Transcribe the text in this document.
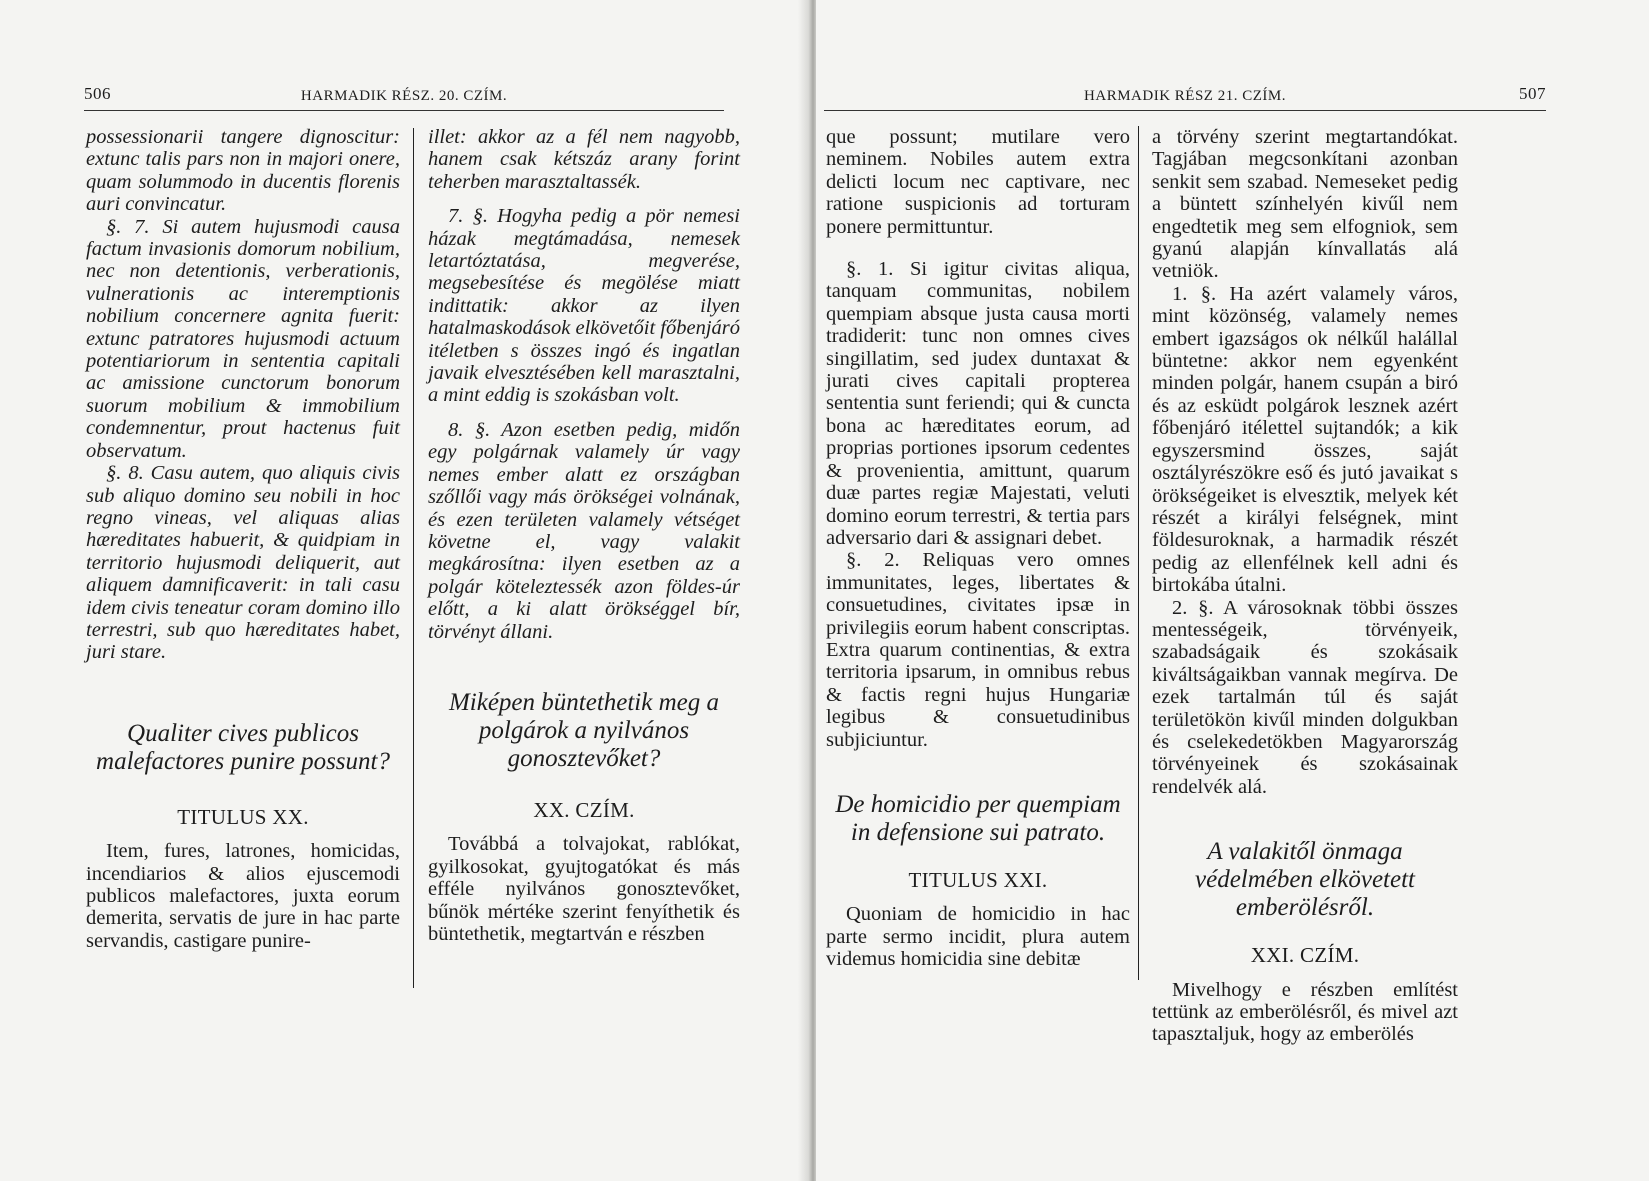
506	HARMADIK RÉSZ. 20. CZÍM.

possessionarii tangere dignoscitur: extunc talis pars non in majori onere, quam solummodo in ducentis florenis auri convincatur.

§. 7. Si autem hujusmodi causa factum invasionis domorum nobilium, nec non detentionis, verberationis, vulnerationis ac interemptionis nobilium concernere agnita fuerit: extunc patratores hujusmodi actuum potentiariorum in sententia capitali ac amissione cunctorum bonorum suorum mobilium & immobilium condemnentur, prout hactenus fuit observatum.

§. 8. Casu autem, quo aliquis civis sub aliquo domino seu nobili in hoc regno vineas, vel aliquas alias hæreditates habuerit, & quidpiam in territorio hujusmodi deliquerit, aut aliquem damnificaverit: in tali casu idem civis teneatur coram domino illo terrestri, sub quo hæreditates habet, juri stare.

Qualiter cives publicos malefactores punire possunt?
TITULUS XX.

Item, fures, latrones, homicidas, incendiarios & alios ejuscemodi publicos malefactores, juxta eorum demerita, servatis de jure in hac parte servandis, castigare punire-

illet: akkor az a fél nem nagyobb, hanem csak kétszáz arany forint teherben marasztaltassék.

7. §. Hogyha pedig a pör nemesi házak megtámadása, nemesek letartóztatása, megverése, megsebesítése és megölése miatt indittatik: akkor az ilyen hatalmaskodások elkövetőit főbenjáró itéletben s összes ingó és ingatlan javaik elvesztésében kell marasztalni, a mint eddig is szokásban volt.

8. §. Azon esetben pedig, midőn egy polgárnak valamely úr vagy nemes ember alatt ez országban szőllői vagy más örökségei volnának, és ezen területen valamely vétséget követne el, vagy valakit megkárosítna: ilyen esetben az a polgár köteleztessék azon földes-úr előtt, a ki alatt örökséggel bír, törvényt állani.

Miképen büntethetik meg a polgárok a nyilvános gonosztevőket?
XX. CZÍM.

Továbbá a tolvajokat, rablókat, gyilkosokat, gyujtogatókat és más efféle nyilvános gonosztevőket, bűnök mértéke szerint fenyíthetik és büntethetik, megtartván e részben

HARMADIK RÉSZ 21. CZÍM.	507

que possunt; mutilare vero neminem. Nobiles autem extra delicti locum nec captivare, nec ratione suspicionis ad torturam ponere permittuntur.

§. 1. Si igitur civitas aliqua, tanquam communitas, nobilem quempiam absque justa causa morti tradiderit: tunc non omnes cives singillatim, sed judex duntaxat & jurati cives capitali propterea sententia sunt feriendi; qui & cuncta bona ac hæreditates eorum, ad proprias portiones ipsorum cedentes & provenientia, amittunt, quarum duæ partes regiæ Majestati, veluti domino eorum terrestri, & tertia pars adversario dari & assignari debet.

§. 2. Reliquas vero omnes immunitates, leges, libertates & consuetudines, civitates ipsæ in privilegiis eorum habent conscriptas. Extra quarum continentias, & extra territoria ipsarum, in omnibus rebus & factis regni hujus Hungariæ legibus & consuetudinibus subjiciuntur.

De homicidio per quempiam in defensione sui patrato.
TITULUS XXI.

Quoniam de homicidio in hac parte sermo incidit, plura autem videmus homicidia sine debitæ

a törvény szerint megtartandókat. Tagjában megcsonkítani azonban senkit sem szabad. Nemeseket pedig a büntett színhelyén kivűl nem engedtetik meg sem elfogniok, sem gyanú alapján kínvallatás alá vetniök.

1. §. Ha azért valamely város, mint közönség, valamely nemes embert igazságos ok nélkűl halállal büntetne: akkor nem egyenként minden polgár, hanem csupán a biró és az esküdt polgárok lesznek azért főbenjáró itélettel sujtandók; a kik egyszersmind összes, saját osztályrészökre eső és jutó javaikat s örökségeiket is elvesztik, melyek két részét a királyi felségnek, mint földesuroknak, a harmadik részét pedig az ellenfélnek kell adni és birtokába útalni.

2. §. A városoknak többi összes mentességeik, törvényeik, szabadságaik és szokásaik kiváltságaikban vannak megírva. De ezek tartalmán túl és saját területökön kivűl minden dolgukban és cselekedetökben Magyarország törvényeinek és szokásainak rendelvék alá.

A valakitől önmaga védelmében elkövetett emberölésről.
XXI. CZÍM.

Mivelhogy e részben említést tettünk az emberölésről, és mivel azt tapasztaljuk, hogy az emberölés
